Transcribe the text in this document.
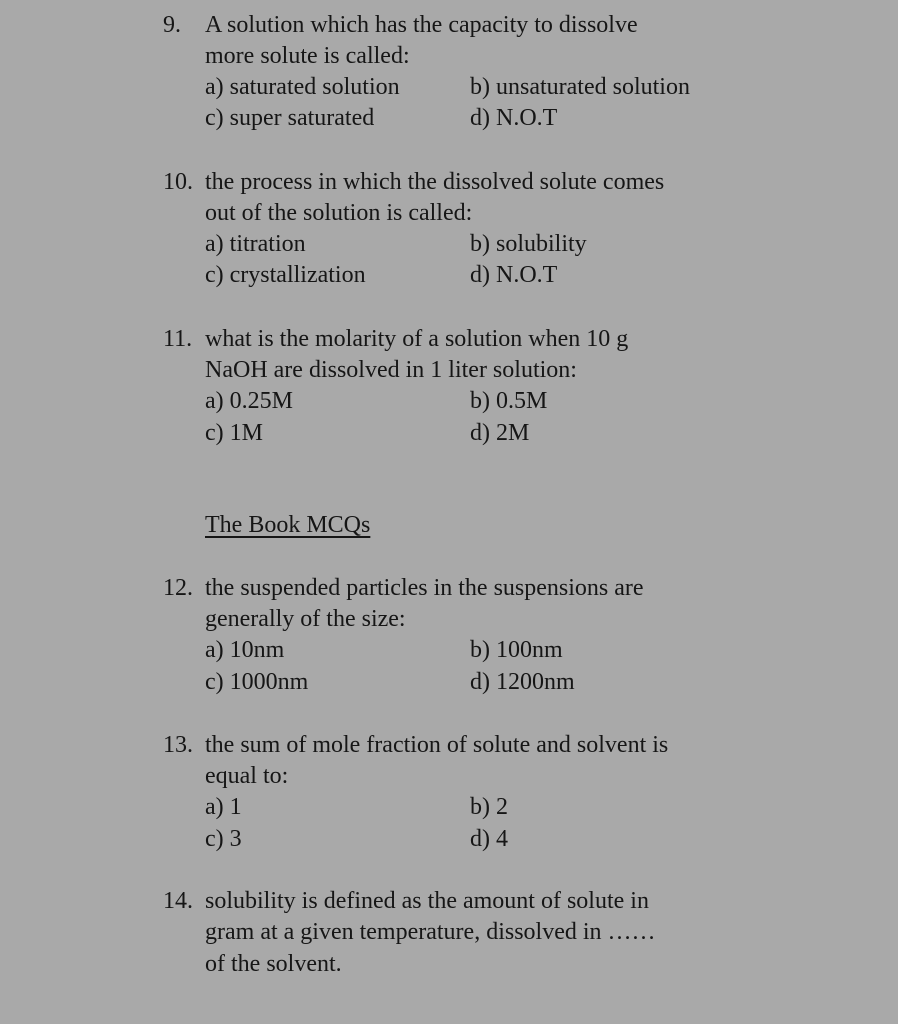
9. A solution which has the capacity to dissolve
more solute is called:
a) saturated solution	b) unsaturated solution
c) super saturated	d) N.O.T
10. the process in which the dissolved solute comes
out of the solution is called:
a) titration	b) solubility
c) crystallization	d) N.O.T
11. what is the molarity of a solution when 10 g
NaOH are dissolved in 1 liter solution:
a) 0.25M	b) 0.5M
c) 1M	d) 2M
The Book MCQs
12. the suspended particles in the suspensions are
generally of the size:
a) 10nm	b) 100nm
c) 1000nm	d) 1200nm
13. the sum of mole fraction of solute and solvent is
equal to:
a) 1	b) 2
c) 3	d) 4
14. solubility is defined as the amount of solute in
gram at a given temperature, dissolved in ……
of the solvent.
